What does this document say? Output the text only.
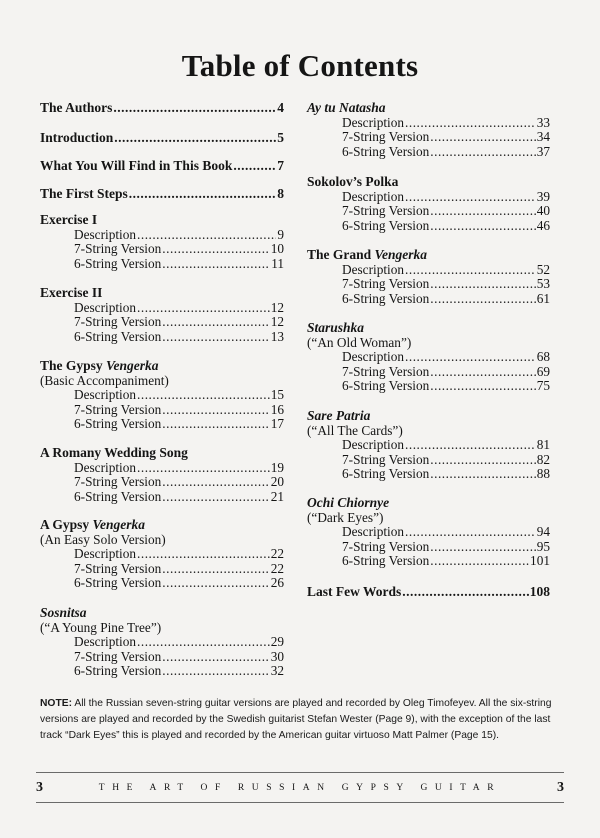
Table of Contents
The Authors .....	4
Introduction .....	5
What You Will Find in This Book .....	7
The First Steps .....	8
Exercise I
Description .....	9
7-String Version .....	10
6-String Version .....	11
Exercise II
Description .....	12
7-String Version .....	12
6-String Version .....	13
The Gypsy Vengerka
(Basic Accompaniment)
Description .....	15
7-String Version .....	16
6-String Version .....	17
A Romany Wedding Song
Description .....	19
7-String Version .....	20
6-String Version .....	21
A Gypsy Vengerka
(An Easy Solo Version)
Description .....	22
7-String Version .....	22
6-String Version .....	26
Sosnitsa
(“A Young Pine Tree”)
Description .....	29
7-String Version .....	30
6-String Version .....	32
Ay tu Natasha
Description .....	33
7-String Version .....	34
6-String Version .....	37
Sokolov’s Polka
Description .....	39
7-String Version .....	40
6-String Version .....	46
The Grand Vengerka
Description .....	52
7-String Version .....	53
6-String Version .....	61
Starushka
(“An Old Woman”)
Description .....	68
7-String Version .....	69
6-String Version .....	75
Sare Patria
(“All The Cards”)
Description .....	81
7-String Version .....	82
6-String Version .....	88
Ochi Chiornye
(“Dark Eyes”)
Description .....	94
7-String Version .....	95
6-String Version .....	101
Last Few Words .....	108
NOTE: All the Russian seven-string guitar versions are played and recorded by Oleg Timofeyev. All the six-string versions are played and recorded by the Swedish guitarist Stefan Wester (Page 9), with the exception of the last track “Dark Eyes” this is played and recorded by the American guitar virtuoso Matt Palmer (Page 15).
3	THE ART OF RUSSIAN GYPSY GUITAR	3
